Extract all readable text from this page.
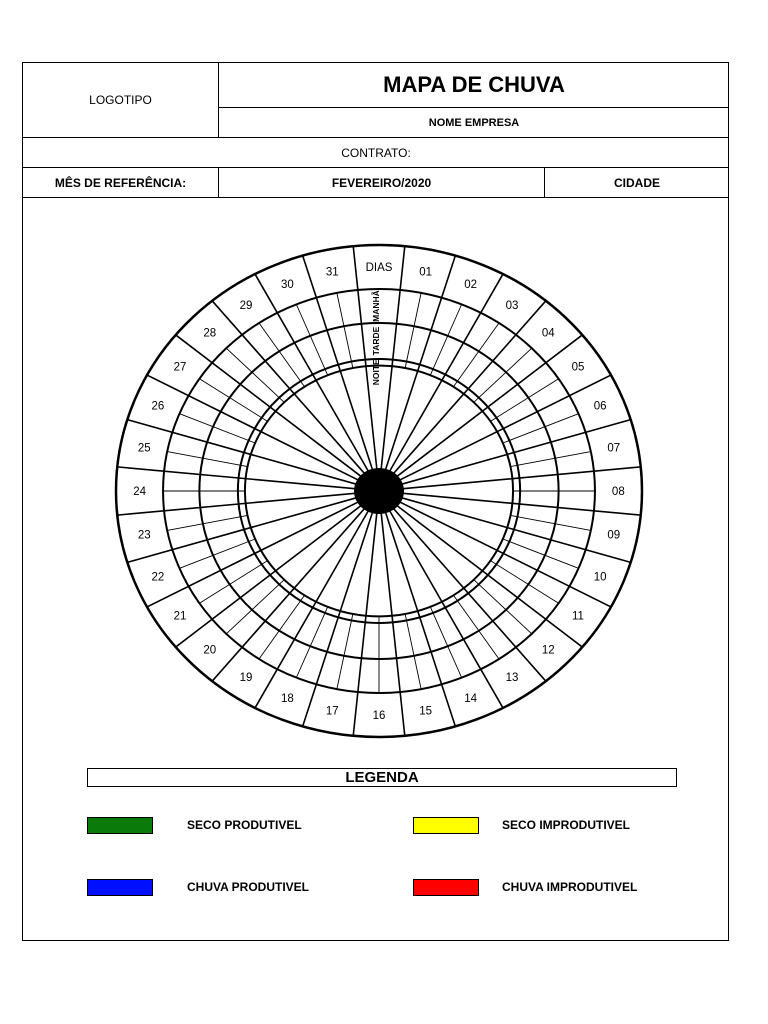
LOGOTIPO
MAPA DE CHUVA
NOME EMPRESA
CONTRATO:
MÊS DE REFERÊNCIA:	FEVEREIRO/2020	CIDADE
01
02
03
04
05
06
07
08
09
10
11
12
13
14
15
16
17
18
19
20
21
22
23
24
25
26
27
28
29
30
31 DIAS
MANHÃ
TARDE
NOITE
LEGENDA
SECO PRODUTIVEL	SECO IMPRODUTIVEL
CHUVA PRODUTIVEL	CHUVA IMPRODUTIVEL
